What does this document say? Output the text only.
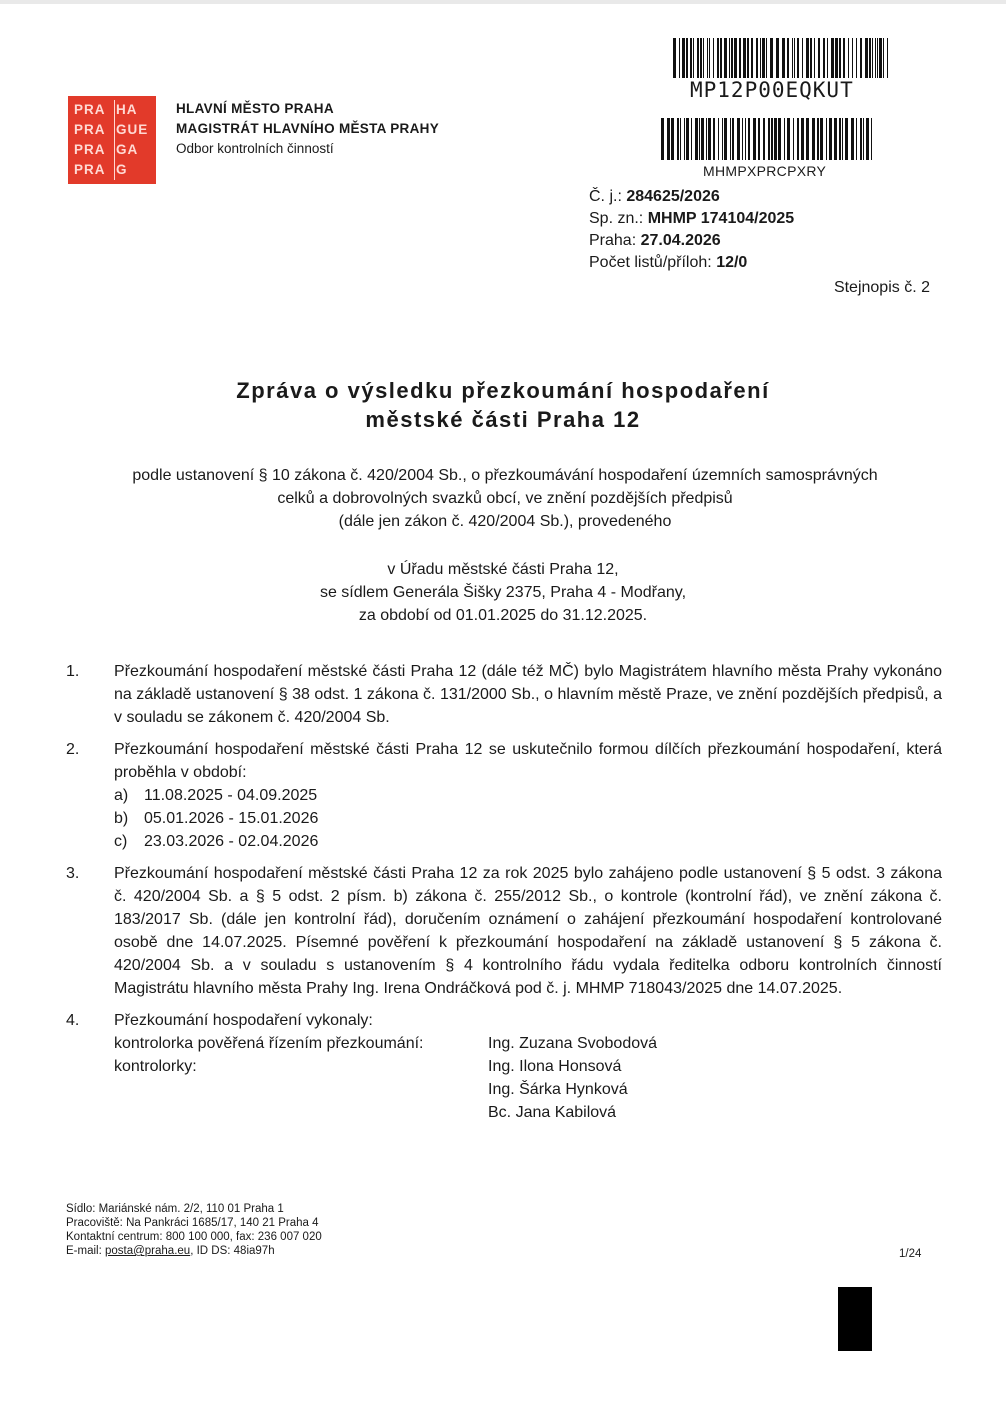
PRA HA
PRA GUE
PRA GA
PRA G
HLAVNÍ MĚSTO PRAHA
MAGISTRÁT HLAVNÍHO MĚSTA PRAHY
Odbor kontrolních činností
MP12P00EQKUT
MHMPXPRCPXRY
Č. j.: 284625/2026
Sp. zn.: MHMP 174104/2025
Praha: 27.04.2026
Počet listů/příloh: 12/0
Stejnopis č. 2
Zpráva o výsledku přezkoumání hospodaření
městské části Praha 12
podle ustanovení § 10 zákona č. 420/2004 Sb., o přezkoumávání hospodaření územních samosprávných
celků a dobrovolných svazků obcí, ve znění pozdějších předpisů
(dále jen zákon č. 420/2004 Sb.), provedeného
v Úřadu městské části Praha 12,
se sídlem Generála Šišky 2375, Praha 4 - Modřany,
za období od 01.01.2025 do 31.12.2025.
1. Přezkoumání hospodaření městské části Praha 12 (dále též MČ) bylo Magistrátem hlavního města Prahy vykonáno na základě ustanovení § 38 odst. 1 zákona č. 131/2000 Sb., o hlavním městě Praze, ve znění pozdějších předpisů, a v souladu se zákonem č. 420/2004 Sb.
2. Přezkoumání hospodaření městské části Praha 12 se uskutečnilo formou dílčích přezkoumání hospodaření, která proběhla v období:
a) 11.08.2025 - 04.09.2025
b) 05.01.2026 - 15.01.2026
c) 23.03.2026 - 02.04.2026
3. Přezkoumání hospodaření městské části Praha 12 za rok 2025 bylo zahájeno podle ustanovení § 5 odst. 3 zákona č. 420/2004 Sb. a § 5 odst. 2 písm. b) zákona č. 255/2012 Sb., o kontrole (kontrolní řád), ve znění zákona č. 183/2017 Sb. (dále jen kontrolní řád), doručením oznámení o zahájení přezkoumání hospodaření kontrolované osobě dne 14.07.2025. Písemné pověření k přezkoumání hospodaření na základě ustanovení § 5 zákona č. 420/2004 Sb. a v souladu s ustanovením § 4 kontrolního řádu vydala ředitelka odboru kontrolních činností Magistrátu hlavního města Prahy Ing. Irena Ondráčková pod č. j. MHMP 718043/2025 dne 14.07.2025.
4. Přezkoumání hospodaření vykonaly:
kontrolorka pověřená řízením přezkoumání:	Ing. Zuzana Svobodová
kontrolorky:	Ing. Ilona Honsová
Ing. Šárka Hynková
Bc. Jana Kabilová
Sídlo: Mariánské nám. 2/2, 110 01 Praha 1
Pracoviště: Na Pankráci 1685/17, 140 21 Praha 4
Kontaktní centrum: 800 100 000, fax: 236 007 020
E-mail: posta@praha.eu, ID DS: 48ia97h	1/24
